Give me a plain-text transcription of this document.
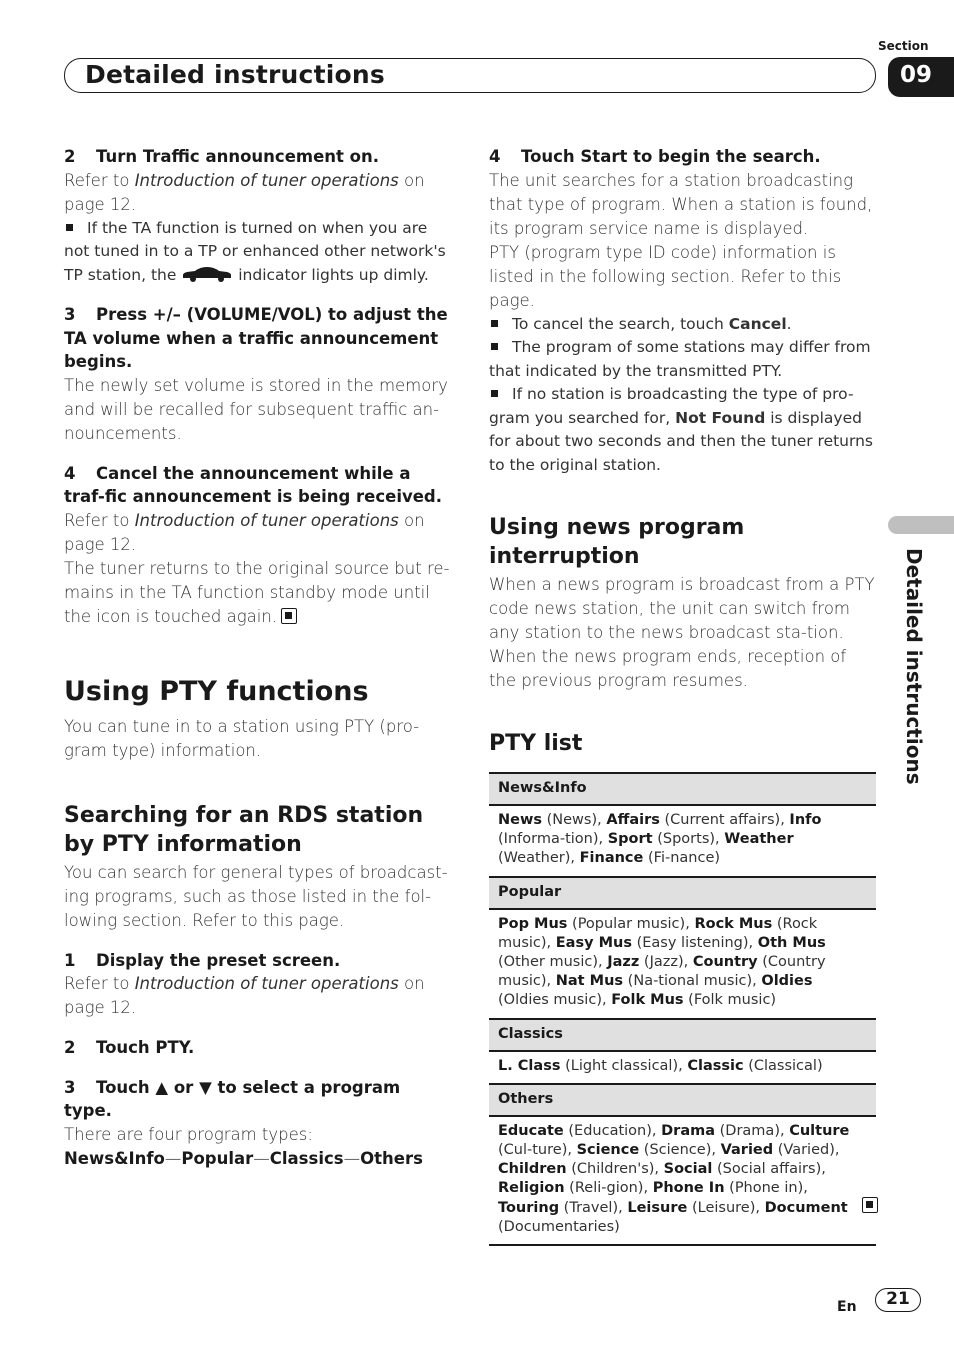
Section
09
Detailed instructions
2 Turn Traffic announcement on.
Refer to Introduction of tuner operations on page 12.
If the TA function is turned on when you are not tuned in to a TP or enhanced other network's TP station, the	indicator lights up dimly.
3 Press +/– (VOLUME/VOL) to adjust the TA volume when a traffic announcement begins.
The newly set volume is stored in the memory and will be recalled for subsequent traffic an-nouncements.
4 Cancel the announcement while a traf-fic announcement is being received.
Refer to Introduction of tuner operations on page 12.
The tuner returns to the original source but re-mains in the TA function standby mode until the icon is touched again.
Using PTY functions
You can tune in to a station using PTY (pro-gram type) information.
Searching for an RDS station by PTY information
You can search for general types of broadcast-ing programs, such as those listed in the fol-lowing section. Refer to this page.
1 Display the preset screen.
Refer to Introduction of tuner operations on page 12.
2 Touch PTY.
3 Touch ▲ or ▼ to select a program type.
There are four program types:
News&Info—Popular—Classics—Others
4 Touch Start to begin the search.
The unit searches for a station broadcasting that type of program. When a station is found, its program service name is displayed.
PTY (program type ID code) information is listed in the following section. Refer to this page.
To cancel the search, touch Cancel.
The program of some stations may differ from that indicated by the transmitted PTY.
If no station is broadcasting the type of pro-gram you searched for, Not Found is displayed for about two seconds and then the tuner returns to the original station.
Using news program interruption
When a news program is broadcast from a PTY code news station, the unit can switch from any station to the news broadcast sta-tion. When the news program ends, reception of the previous program resumes.
PTY list
News&Info
News (News), Affairs (Current affairs), Info (Informa-tion), Sport (Sports), Weather (Weather), Finance (Fi-nance)
Popular
Pop Mus (Popular music), Rock Mus (Rock music), Easy Mus (Easy listening), Oth Mus (Other music), Jazz (Jazz), Country (Country music), Nat Mus (Na-tional music), Oldies (Oldies music), Folk Mus (Folk music)
Classics
L. Class (Light classical), Classic (Classical)
Others
Educate (Education), Drama (Drama), Culture (Cul-ture), Science (Science), Varied (Varied), Children (Children's), Social (Social affairs), Religion (Reli-gion), Phone In (Phone in), Touring (Travel), Leisure (Leisure), Document (Documentaries)
Detailed instructions
En	21
